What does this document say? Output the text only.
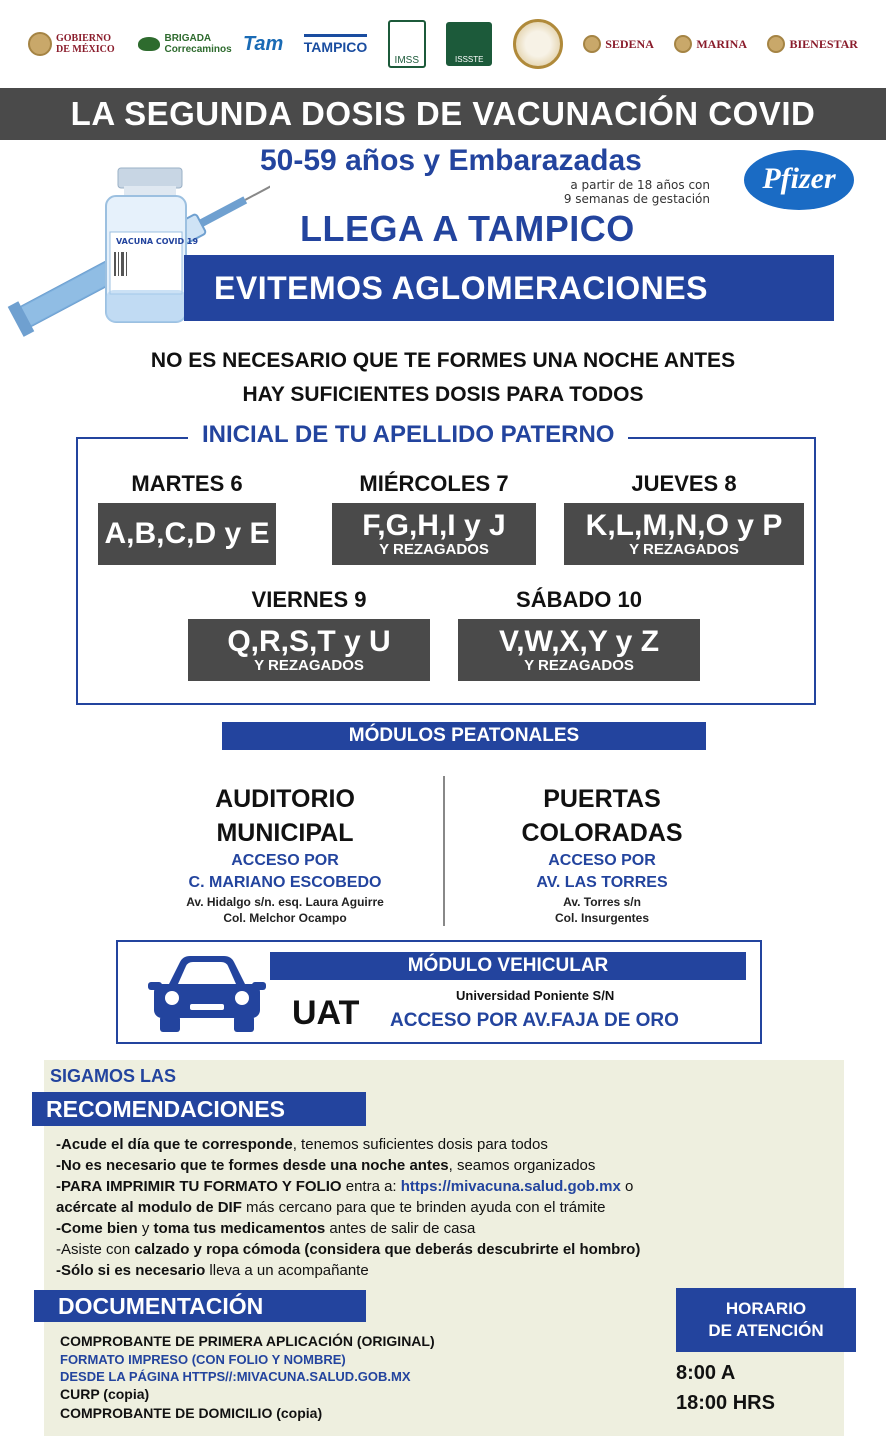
GOBIERNO DE MÉXICO
BRIGADA Correcaminos Tam TAMPICO
IMSS	ISSSTE
SEDENA	MARINA	BIENESTAR
LA SEGUNDA DOSIS DE VACUNACIÓN COVID
VACUNA COVID 19
50-59 años y Embarazadas
a partir de 18 años con
9 semanas de gestación
Pfizer
LLEGA A TAMPICO
EVITEMOS AGLOMERACIONES
NO ES NECESARIO QUE TE FORMES UNA NOCHE ANTES
HAY SUFICIENTES DOSIS PARA TODOS
INICIAL DE TU APELLIDO PATERNO
MARTES 6
A,B,C,D y E
MIÉRCOLES 7
F,G,H,I y J
Y REZAGADOS
JUEVES 8
K,L,M,N,O y P
Y REZAGADOS
VIERNES 9
Q,R,S,T y U
Y REZAGADOS
SÁBADO 10
V,W,X,Y y Z
Y REZAGADOS
MÓDULOS PEATONALES
AUDITORIO
MUNICIPAL
ACCESO POR
C. MARIANO ESCOBEDO
Av. Hidalgo s/n. esq. Laura Aguirre
Col. Melchor Ocampo
PUERTAS
COLORADAS
ACCESO POR
AV. LAS TORRES
Av. Torres s/n
Col. Insurgentes
MÓDULO VEHICULAR
UAT	Universidad Poniente S/N
ACCESO POR AV.FAJA DE ORO
SIGAMOS LAS
RECOMENDACIONES
-Acude el día que te corresponde, tenemos suficientes dosis para todos
-No es necesario que te formes desde una noche antes, seamos organizados
-PARA IMPRIMIR TU FORMATO Y FOLIO entra a: https://mivacuna.salud.gob.mx o
acércate al modulo de DIF más cercano para que te brinden ayuda con el trámite
-Come bien y toma tus medicamentos antes de salir de casa
-Asiste con calzado y ropa cómoda (considera que deberás descubrirte el hombro)
-Sólo si es necesario lleva a un acompañante
DOCUMENTACIÓN
COMPROBANTE DE PRIMERA APLICACIÓN (ORIGINAL)
FORMATO IMPRESO (CON FOLIO Y NOMBRE)
DESDE LA PÁGINA HTTPS//:MIVACUNA.SALUD.GOB.MX
CURP (copia)
COMPROBANTE DE DOMICILIO (copia)
HORARIO
DE ATENCIÓN
8:00 A
18:00 HRS
